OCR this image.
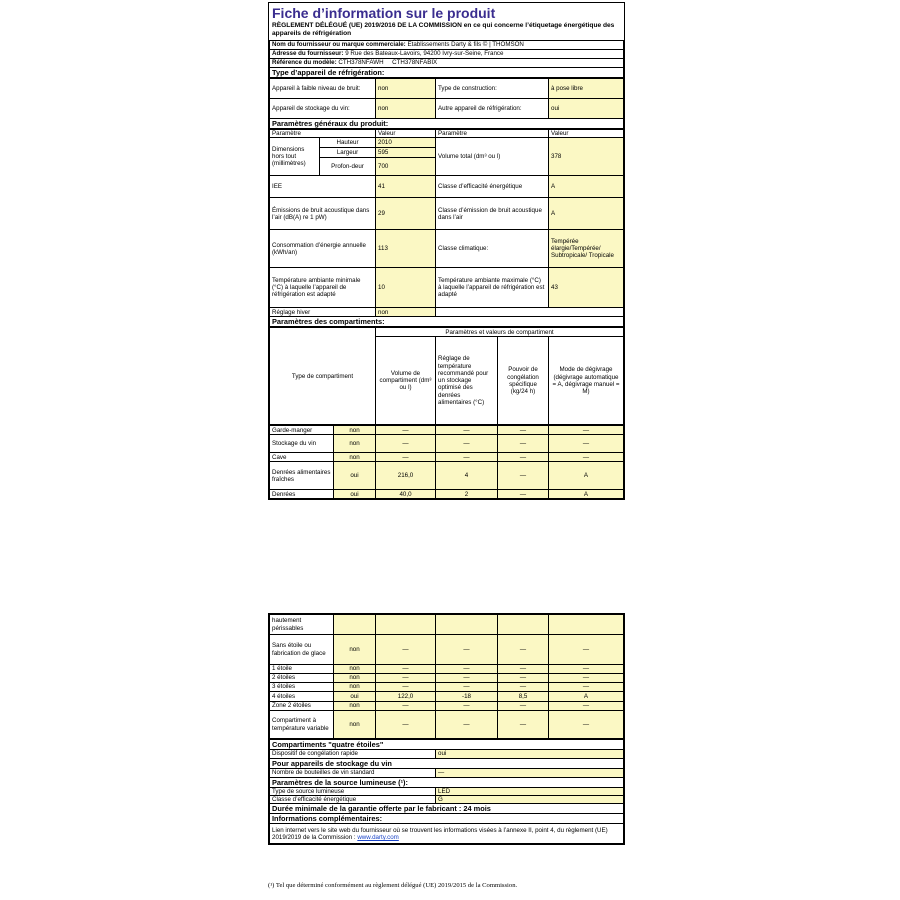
Fiche d’information sur le produit
RÈGLEMENT DÉLÉGUÉ (UE) 2019/2016 DE LA COMMISSION en ce qui concerne l’étiquetage énergétique des appareils de réfrigération
Nom du fournisseur ou marque commerciale: Etablissements Darty & fils © | THOMSON
Adresse du fournisseur: 9 Rue des Bateaux-Lavoirs, 94200 Ivry-sur-Seine, France
Référence du modèle: CTH378NFAWH     CTH378NFABIX
Type d’appareil de réfrigération:
Appareil à faible niveau de bruit:	non	Type de construction:	à pose libre
Appareil de stockage du vin:	non	Autre appareil de réfrigération:	oui
Paramètres généraux du produit:			
Paramètre		Valeur	Paramètre	Valeur
Dimensions hors tout (millimètres)	Hauteur	2010	Volume total (dm³ ou l)	378
	Largeur	595		
	Profon-deur	700		
IEE		41	Classe d’efficacité énergétique	A
Émissions de bruit acoustique dans l’air (dB(A) re 1 pW)		29	Classe d’émission de bruit acoustique dans l’air	A
Consommation d’énergie annuelle (kWh/an)		113	Classe climatique:	Tempérée élargie/Tempérée/ Subtropicale/ Tropicale
Température ambiante minimale (°C) à laquelle l’appareil de réfrigération est adapté		10	Température ambiante maximale (°C) à laquelle l’appareil de réfrigération est adapté	43
Réglage hiver		non		
Paramètres des compartiments:				
Type de compartiment	Paramètres et valeurs de compartiment			
	Volume de compartiment (dm³ ou l)	Réglage de température recommandé pour un stockage optimisé des denrées alimentaires (°C)	Pouvoir de congélation spécifique (kg/24 h)	Mode de dégivrage (dégivrage automatique = A, dégivrage manuel = M)
Garde-manger	non	—	—	—	—
Stockage du vin	non	—	—	—	—
Cave	non	—	—	—	—
Denrées alimentaires fraîches	oui	216,0	4	—	A
Denrées	oui	40,0	2	—	A
hautement périssables					
Sans étoile ou fabrication de glace	non	—	—	—	—
1 étoile	non	—	—	—	—
2 étoiles	non	—	—	—	—
3 étoiles	non	—	—	—	—
4 étoiles	oui	122,0	-18	8,5	A
Zone 2 étoiles	non	—	—	—	—
Compartiment à température variable	non	—	—	—	—
Compartiments "quatre étoiles"	
Dispositif de congélation rapide	oui
Pour appareils de stockage du vin	
Nombre de bouteilles de vin standard	—
Paramètres de la source lumineuse (¹):	
Type de source lumineuse	LED
Classe d’efficacité énergétique	G
Durée minimale de la garantie offerte par le fabricant : 24 mois	
Informations complémentaires:	
Lien internet vers le site web du fournisseur où se trouvent les informations visées à l’annexe II, point 4, du règlement (UE) 2019/2019 de la Commission : www.darty.com	
(¹) Tel que déterminé conformément au règlement délégué (UE) 2019/2015 de la Commission.
